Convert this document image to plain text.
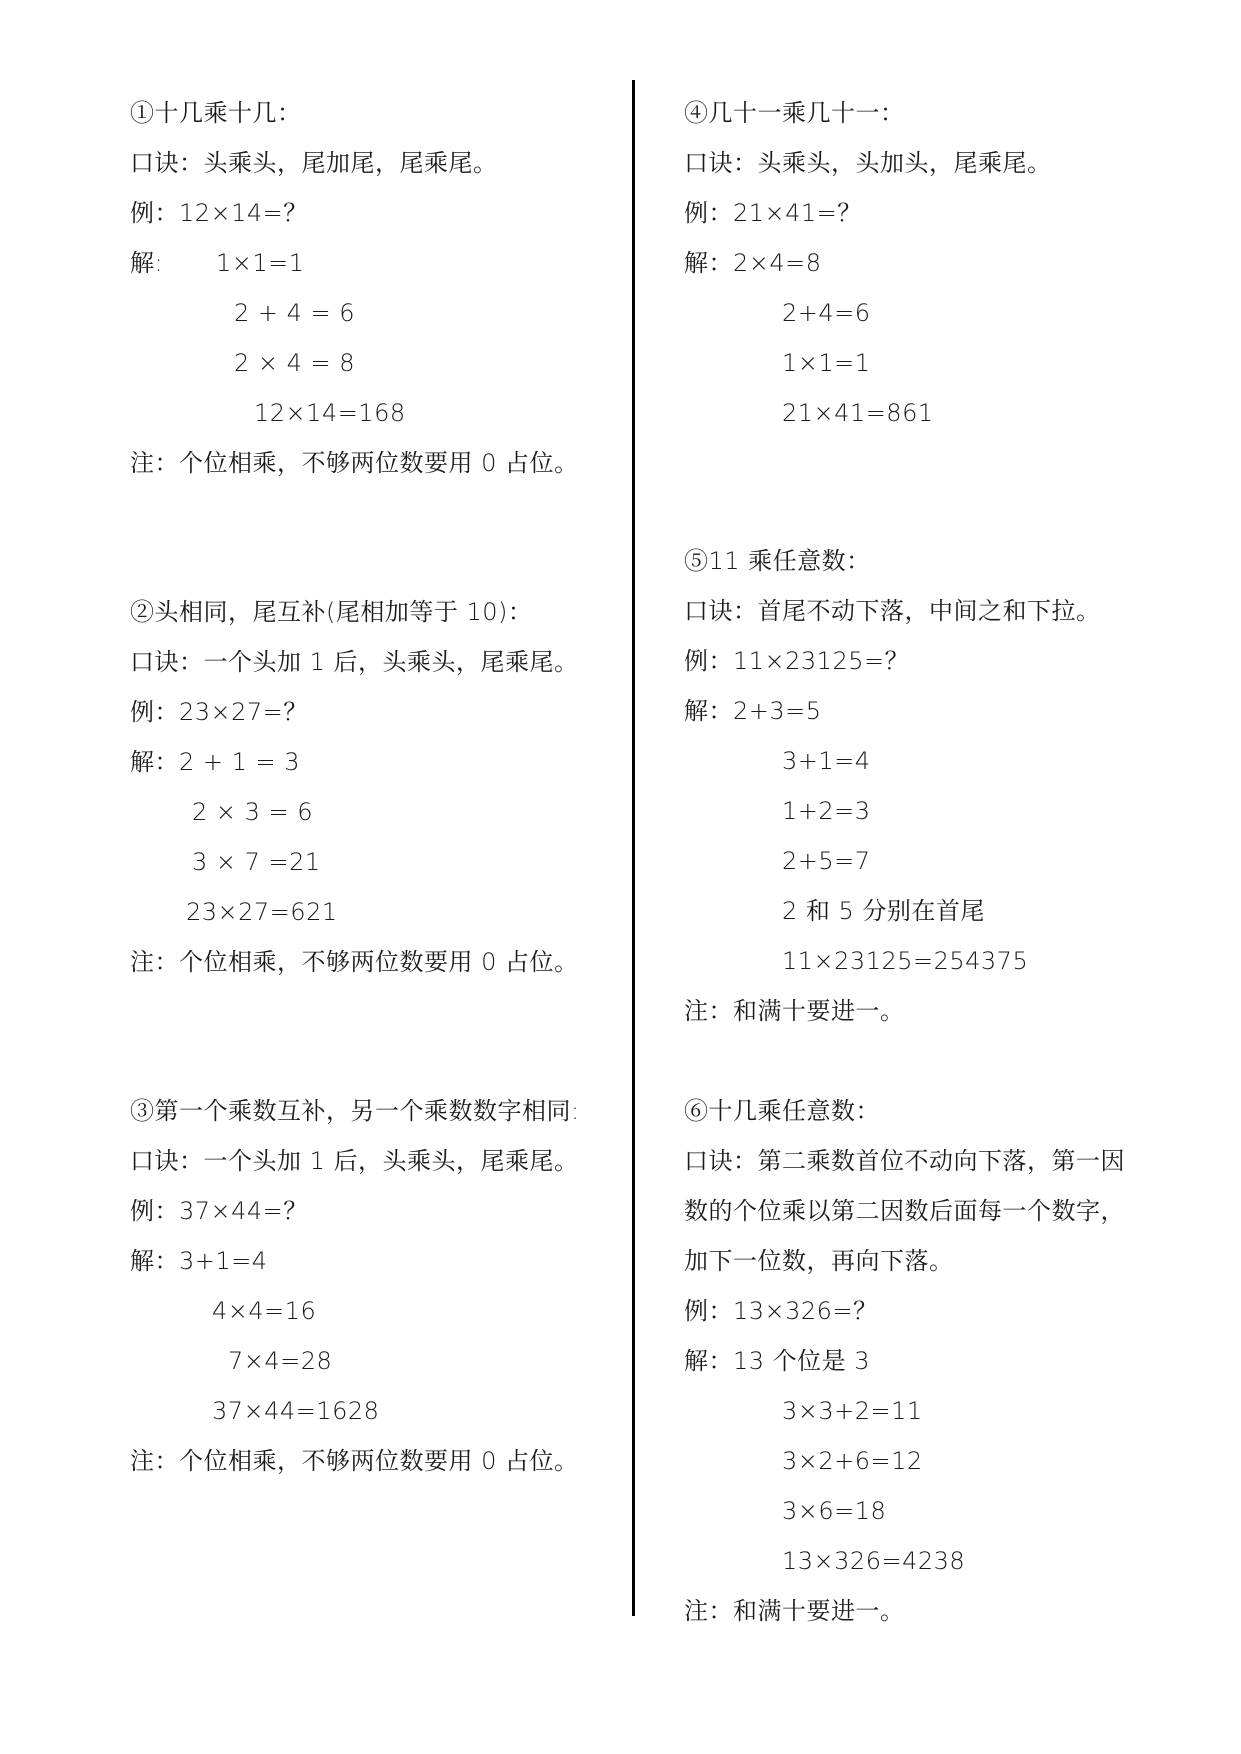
①十几乘十几：
口诀：头乘头，尾加尾，尾乘尾。
例：12×14=？
解: 1×1=1
2 + 4 = 6
2 × 4 = 8
12×14=168
注：个位相乘，不够两位数要用 0 占位。
②头相同，尾互补(尾相加等于 10)：
口诀：一个头加 1 后，头乘头，尾乘尾。
例：23×27=？
解：2 + 1 = 3
2 × 3 = 6
3 × 7 =21
23×27=621
注：个位相乘，不够两位数要用 0 占位。
③第一个乘数互补，另一个乘数数字相同:
口诀：一个头加 1 后，头乘头，尾乘尾。
例：37×44=？
解：3+1=4
4×4=16
7×4=28
37×44=1628
注：个位相乘，不够两位数要用 0 占位。
④几十一乘几十一：
口诀：头乘头，头加头，尾乘尾。
例：21×41=？
解：2×4=8
2+4=6
1×1=1
21×41=861
⑤11 乘任意数：
口诀：首尾不动下落，中间之和下拉。
例：11×23125=？
解：2+3=5
3+1=4
1+2=3
2+5=7
2 和 5 分别在首尾
11×23125=254375
注：和满十要进一。
⑥十几乘任意数：
口诀：第二乘数首位不动向下落，第一因
数的个位乘以第二因数后面每一个数字，
加下一位数，再向下落。
例：13×326=？
解：13 个位是 3
3×3+2=11
3×2+6=12
3×6=18
13×326=4238
注：和满十要进一。
